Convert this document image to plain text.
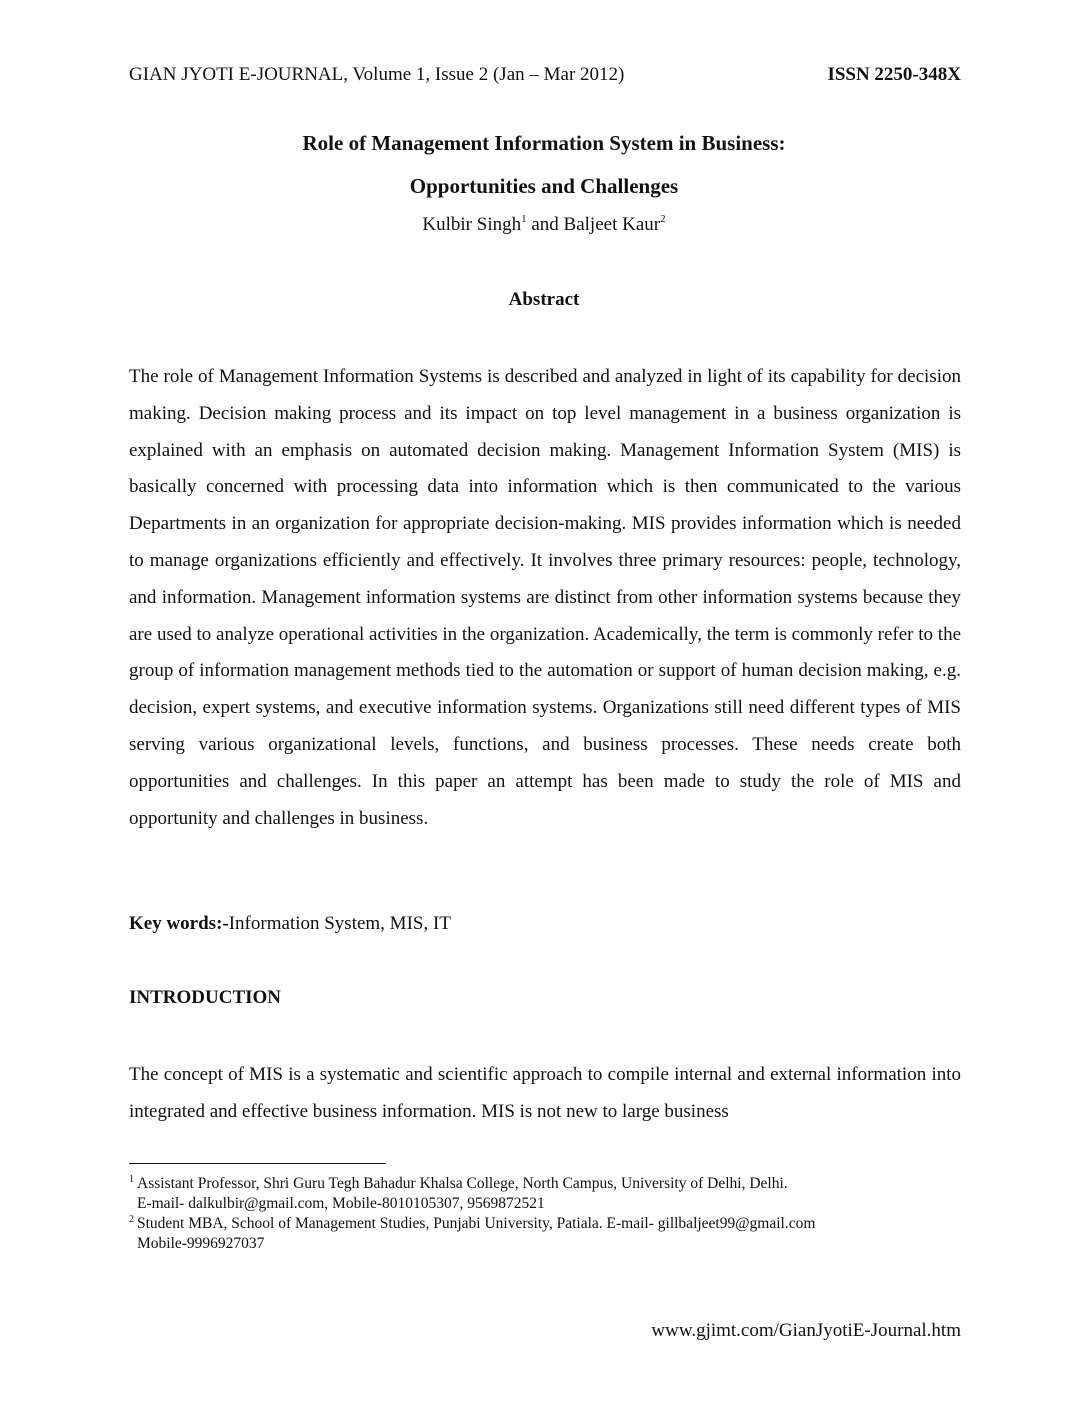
GIAN JYOTI E-JOURNAL, Volume 1, Issue 2 (Jan – Mar 2012)	ISSN 2250-348X
Role of Management Information System in Business:
Opportunities and Challenges
Kulbir Singh$^1$ and Baljeet Kaur$^2$
Abstract

The role of Management Information Systems is described and analyzed in light of its capability for decision making. Decision making process and its impact on top level management in a business organization is explained with an emphasis on automated decision making. Management Information System (MIS) is basically concerned with processing data into information which is then communicated to the various Departments in an organization for appropriate decision-making. MIS provides information which is needed to manage organizations efficiently and effectively. It involves three primary resources: people, technology, and information. Management information systems are distinct from other information systems because they are used to analyze operational activities in the organization. Academically, the term is commonly refer to the group of information management methods tied to the automation or support of human decision making, e.g. decision, expert systems, and executive information systems. Organizations still need different types of MIS serving various organizational levels, functions, and business processes. These needs create both opportunities and challenges. In this paper an attempt has been made to study the role of MIS and opportunity and challenges in business.

Key words:-Information System, MIS, IT
INTRODUCTION

The concept of MIS is a systematic and scientific approach to compile internal and external information into integrated and effective business information. MIS is not new to large business

$^1$ Assistant Professor, Shri Guru Tegh Bahadur Khalsa College, North Campus, University of Delhi, Delhi.
E-mail- dalkulbir@gmail.com, Mobile-8010105307, 9569872521

$^2$ Student MBA, School of Management Studies, Punjabi University, Patiala. E-mail- gillbaljeet99@gmail.com
Mobile-9996927037

www.gjimt.com/GianJyotiE-Journal.htm
